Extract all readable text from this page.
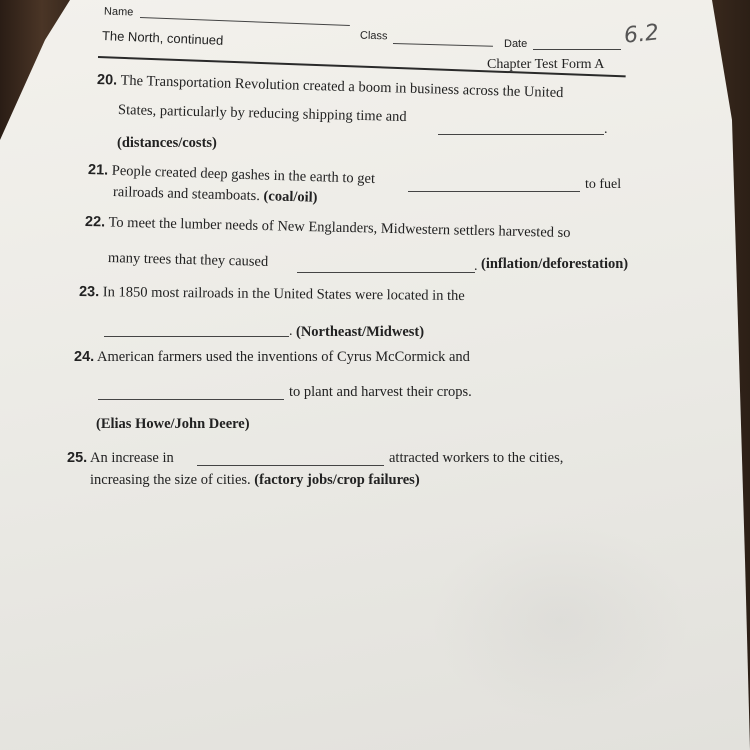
Name
Class
Date	6.2
The North, continued
Chapter Test Form A
20. The Transportation Revolution created a boom in business across the United
States, particularly by reducing shipping time and
.
(distances/costs)
21. People created deep gashes in the earth to get	to fuel
railroads and steamboats. (coal/oil)
22. To meet the lumber needs of New Englanders, Midwestern settlers harvested so
many trees that they caused	. (inflation/deforestation)
23. In 1850 most railroads in the United States were located in the
. (Northeast/Midwest)
24. American farmers used the inventions of Cyrus McCormick and
to plant and harvest their crops.
(Elias Howe/John Deere)
25. An increase in	attracted workers to the cities,
increasing the size of cities. (factory jobs/crop failures)
